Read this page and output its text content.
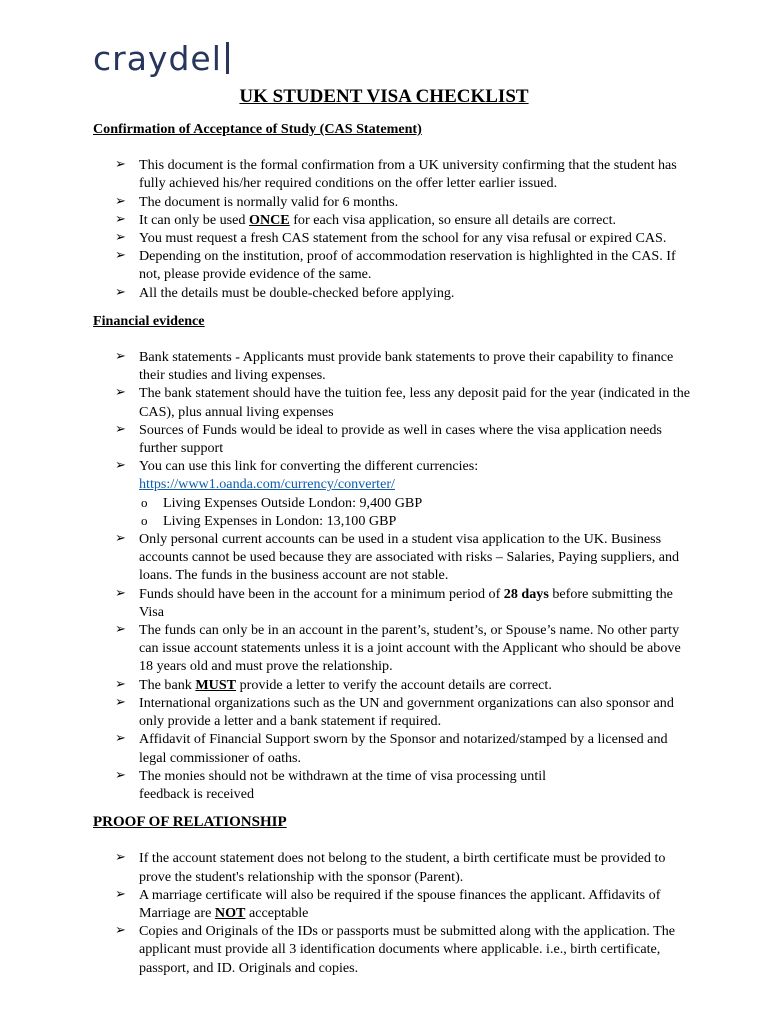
craydel
UK STUDENT VISA CHECKLIST
Confirmation of Acceptance of Study (CAS Statement)
➢ This document is the formal confirmation from a UK university confirming that the student has fully achieved his/her required conditions on the offer letter earlier issued.
➢ The document is normally valid for 6 months.
➢ It can only be used ONCE for each visa application, so ensure all details are correct.
➢ You must request a fresh CAS statement from the school for any visa refusal or expired CAS.
➢ Depending on the institution, proof of accommodation reservation is highlighted in the CAS. If not, please provide evidence of the same.
➢ All the details must be double-checked before applying.
Financial evidence
➢ Bank statements - Applicants must provide bank statements to prove their capability to finance their studies and living expenses.
➢ The bank statement should have the tuition fee, less any deposit paid for the year (indicated in the CAS), plus annual living expenses
➢ Sources of Funds would be ideal to provide as well in cases where the visa application needs further support
➢ You can use this link for converting the different currencies:
https://www1.oanda.com/currency/converter/
o Living Expenses Outside London: 9,400 GBP
o Living Expenses in London: 13,100 GBP
➢ Only personal current accounts can be used in a student visa application to the UK. Business accounts cannot be used because they are associated with risks – Salaries, Paying suppliers, and loans. The funds in the business account are not stable.
➢ Funds should have been in the account for a minimum period of 28 days before submitting the Visa
➢ The funds can only be in an account in the parent’s, student’s, or Spouse’s name. No other party can issue account statements unless it is a joint account with the Applicant who should be above 18 years old and must prove the relationship.
➢ The bank MUST provide a letter to verify the account details are correct.
➢ International organizations such as the UN and government organizations can also sponsor and only provide a letter and a bank statement if required.
➢ Affidavit of Financial Support sworn by the Sponsor and notarized/stamped by a licensed and legal commissioner of oaths.
➢ The monies should not be withdrawn at the time of visa processing until
feedback is received
PROOF OF RELATIONSHIP
➢ If the account statement does not belong to the student, a birth certificate must be provided to prove the student's relationship with the sponsor (Parent).
➢ A marriage certificate will also be required if the spouse finances the applicant. Affidavits of Marriage are NOT acceptable
➢ Copies and Originals of the IDs or passports must be submitted along with the application. The applicant must provide all 3 identification documents where applicable. i.e., birth certificate, passport, and ID. Originals and copies.
